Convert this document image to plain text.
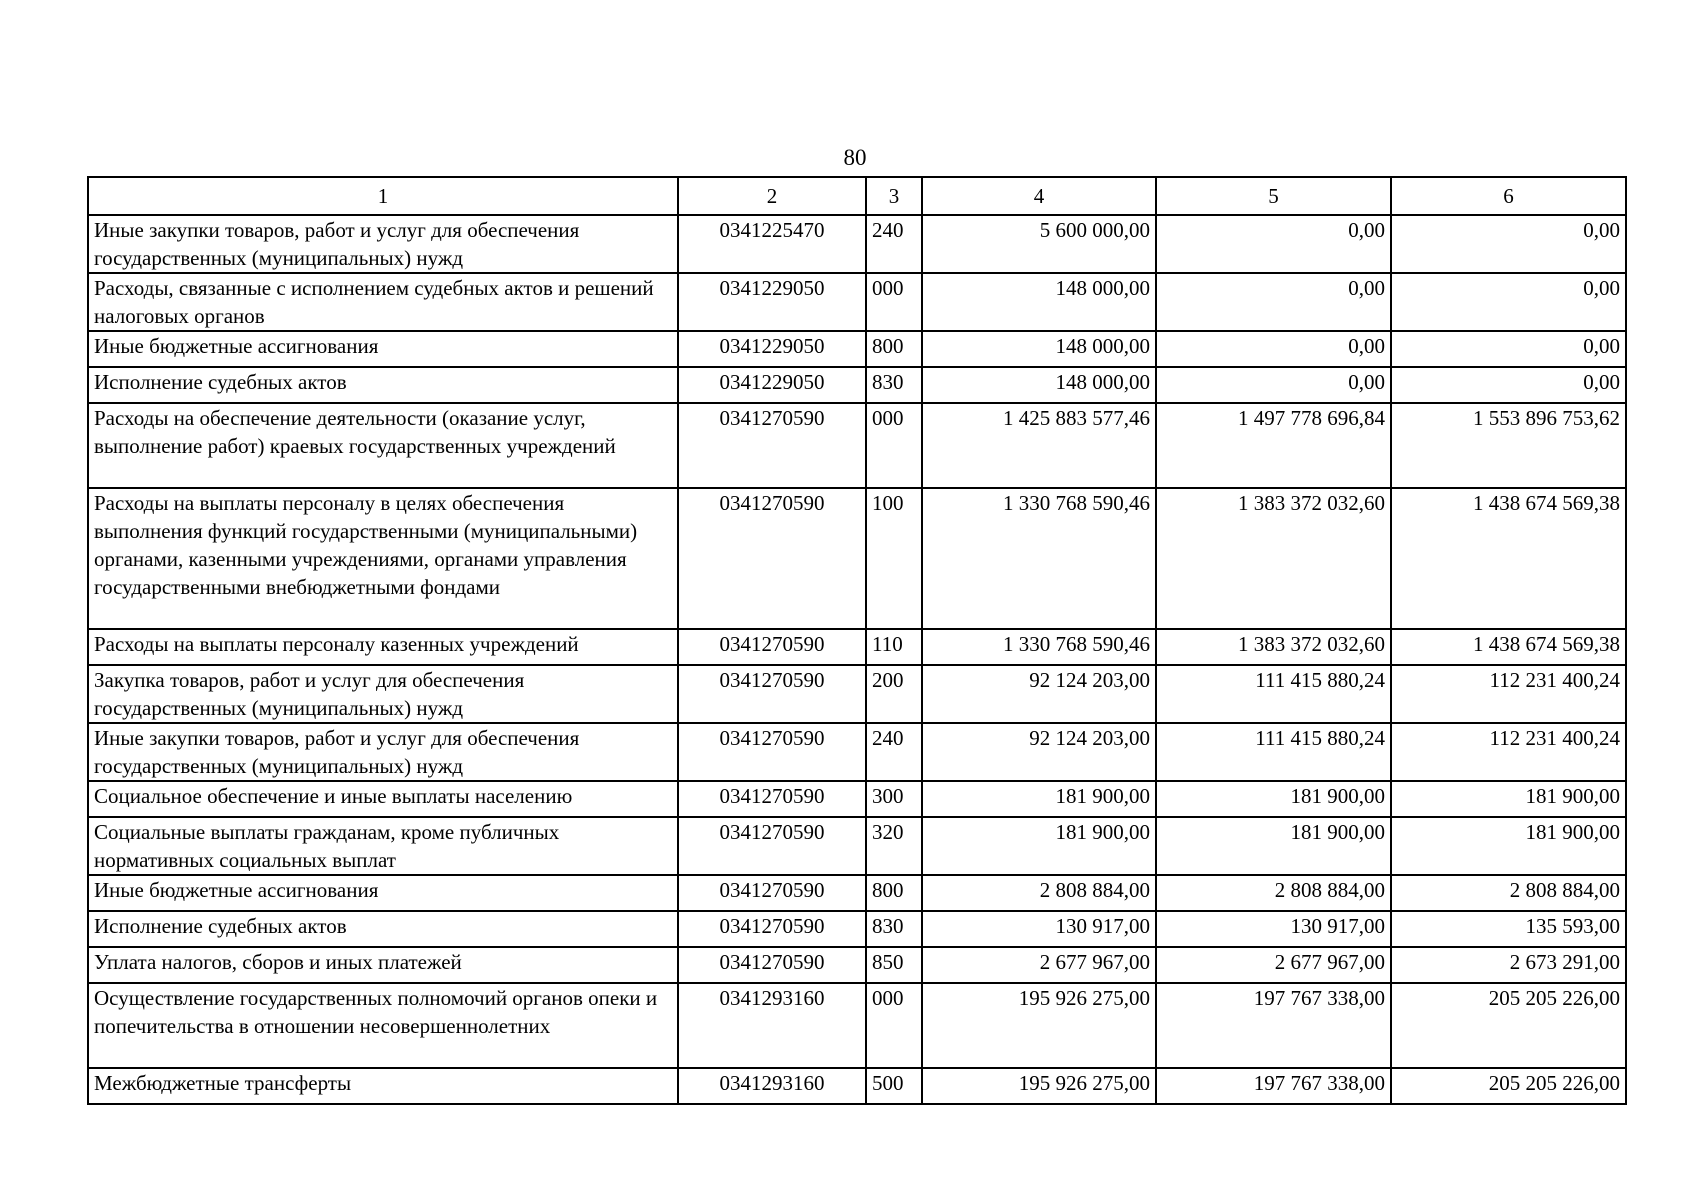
80
1	2	3	4	5	6
Иные закупки товаров, работ и услуг для обеспечения государственных (муниципальных) нужд	0341225470	240	5 600 000,00	0,00	0,00
Расходы, связанные с исполнением судебных актов и решений налоговых органов	0341229050	000	148 000,00	0,00	0,00
Иные бюджетные ассигнования	0341229050	800	148 000,00	0,00	0,00
Исполнение судебных актов	0341229050	830	148 000,00	0,00	0,00
Расходы на обеспечение деятельности (оказание услуг, выполнение работ) краевых государственных учреждений	0341270590	000	1 425 883 577,46	1 497 778 696,84	1 553 896 753,62
Расходы на выплаты персоналу в целях обеспечения выполнения функций государственными (муниципальными) органами, казенными учреждениями, органами управления государственными внебюджетными фондами	0341270590	100	1 330 768 590,46	1 383 372 032,60	1 438 674 569,38
Расходы на выплаты персоналу казенных учреждений	0341270590	110	1 330 768 590,46	1 383 372 032,60	1 438 674 569,38
Закупка товаров, работ и услуг для обеспечения государственных (муниципальных) нужд	0341270590	200	92 124 203,00	111 415 880,24	112 231 400,24
Иные закупки товаров, работ и услуг для обеспечения государственных (муниципальных) нужд	0341270590	240	92 124 203,00	111 415 880,24	112 231 400,24
Социальное обеспечение и иные выплаты населению	0341270590	300	181 900,00	181 900,00	181 900,00
Социальные выплаты гражданам, кроме публичных нормативных социальных выплат	0341270590	320	181 900,00	181 900,00	181 900,00
Иные бюджетные ассигнования	0341270590	800	2 808 884,00	2 808 884,00	2 808 884,00
Исполнение судебных актов	0341270590	830	130 917,00	130 917,00	135 593,00
Уплата налогов, сборов и иных платежей	0341270590	850	2 677 967,00	2 677 967,00	2 673 291,00
Осуществление государственных полномочий органов опеки и попечительства в отношении несовершеннолетних	0341293160	000	195 926 275,00	197 767 338,00	205 205 226,00
Межбюджетные трансферты	0341293160	500	195 926 275,00	197 767 338,00	205 205 226,00
